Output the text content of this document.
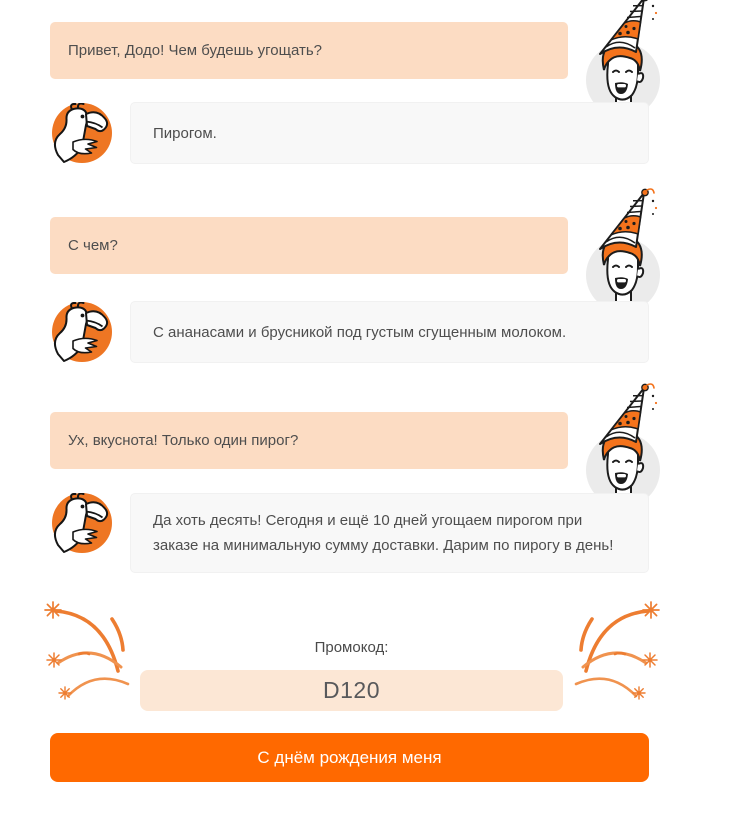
Привет, Додо! Чем будешь угощать?
Пирогом.
С чем?
С ананасами и брусникой под густым сгущенным молоком.
Ух, вкуснота! Только один пирог?
Да хоть десять! Сегодня и ещё 10 дней угощаем пирогом при заказе на минимальную сумму доставки. Дарим по пирогу в день!
Промокод:
D120
С днём рождения меня
